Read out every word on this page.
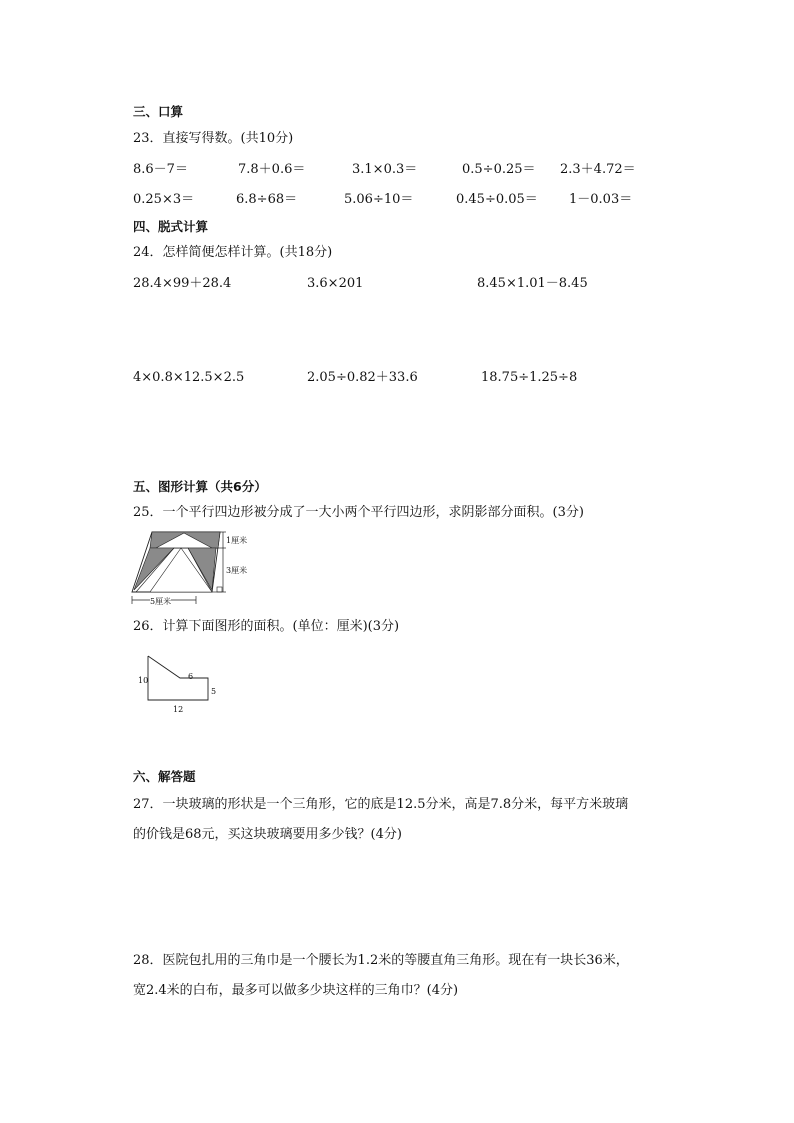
三、口算
23．直接写得数。(共10分)
8.6－7＝	7.8＋0.6＝	3.1×0.3＝	0.5÷0.25＝ 2.3＋4.72＝
0.25×3＝	6.8÷68＝	5.06÷10＝	0.45÷0.05＝ 1－0.03＝
四、脱式计算
24．怎样简便怎样计算。(共18分)
28.4×99＋28.4	3.6×201	8.45×1.01－8.45
4×0.8×12.5×2.5	2.05÷0.82＋33.6	18.75÷1.25÷8
五、图形计算（共6分）
25．一个平行四边形被分成了一大小两个平行四边形，求阴影部分面积。(3分)
1厘米
3厘米
5厘米
26．计算下面图形的面积。(单位：厘米)(3分)
10	6
5
12
六、解答题
27．一块玻璃的形状是一个三角形，它的底是12.5分米，高是7.8分米，每平方米玻璃
的价钱是68元，买这块玻璃要用多少钱？(4分)
28．医院包扎用的三角巾是一个腰长为1.2米的等腰直角三角形。现在有一块长36米，
宽2.4米的白布，最多可以做多少块这样的三角巾？(4分)
